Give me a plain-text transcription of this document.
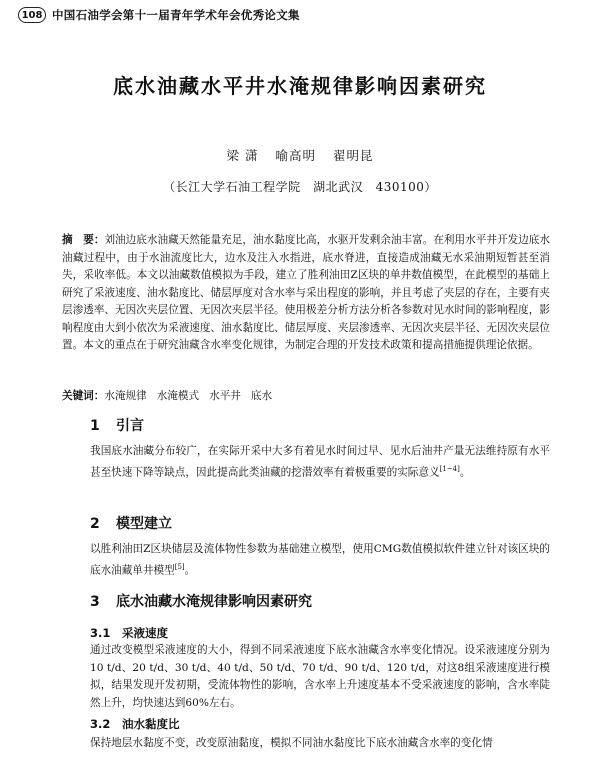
108 中国石油学会第十一届青年学术年会优秀论文集
底水油藏水平井水淹规律影响因素研究
梁 潇 喻高明 翟明昆
（长江大学石油工程学院　湖北武汉　430100）
摘　要：刘油边底水油藏天然能量充足，油水黏度比高，水驱开发剩余油丰富。在利用水平井开发边底水油藏过程中，由于水油流度比大，边水及注入水指进，底水脊进，直接造成油藏无水采油期短暂甚至消失，采收率低。本文以油藏数值模拟为手段，建立了胜利油田Z区块的单井数值模型，在此模型的基础上研究了采液速度、油水黏度比、储层厚度对含水率与采出程度的影响，并且考虑了夹层的存在，主要有夹层渗透率、无因次夹层位置、无因次夹层半径。使用极差分析方法分析各参数对见水时间的影响程度，影响程度由大到小依次为采液速度、油水黏度比、储层厚度、夹层渗透率、无因次夹层半径、无因次夹层位置。本文的重点在于研究油藏含水率变化规律，为制定合理的开发技术政策和提高措施提供理论依据。
关键词：水淹规律 水淹模式 水平井 底水
1 引言
我国底水油藏分布较广，在实际开采中大多有着见水时间过早、见水后油井产量无法维持原有水平甚至快速下降等缺点，因此提高此类油藏的挖潜效率有着极重要的实际意义[1~4]。
2 模型建立
以胜利油田Z区块储层及流体物性参数为基础建立模型，使用CMG数值模拟软件建立针对该区块的底水油藏单井模型[5]。
3 底水油藏水淹规律影响因素研究
3.1 采液速度
通过改变模型采液速度的大小，得到不同采液速度下底水油藏含水率变化情况。设采液速度分别为10 t/d、20 t/d、30 t/d、40 t/d、50 t/d、70 t/d、90 t/d、120 t/d，对这8组采液速度进行模拟，结果发现开发初期，受流体物性的影响，含水率上升速度基本不受采液速度的影响，含水率陡然上升，均快速达到60%左右。
3.2 油水黏度比
保持地层水黏度不变，改变原油黏度，模拟不同油水黏度比下底水油藏含水率的变化情
